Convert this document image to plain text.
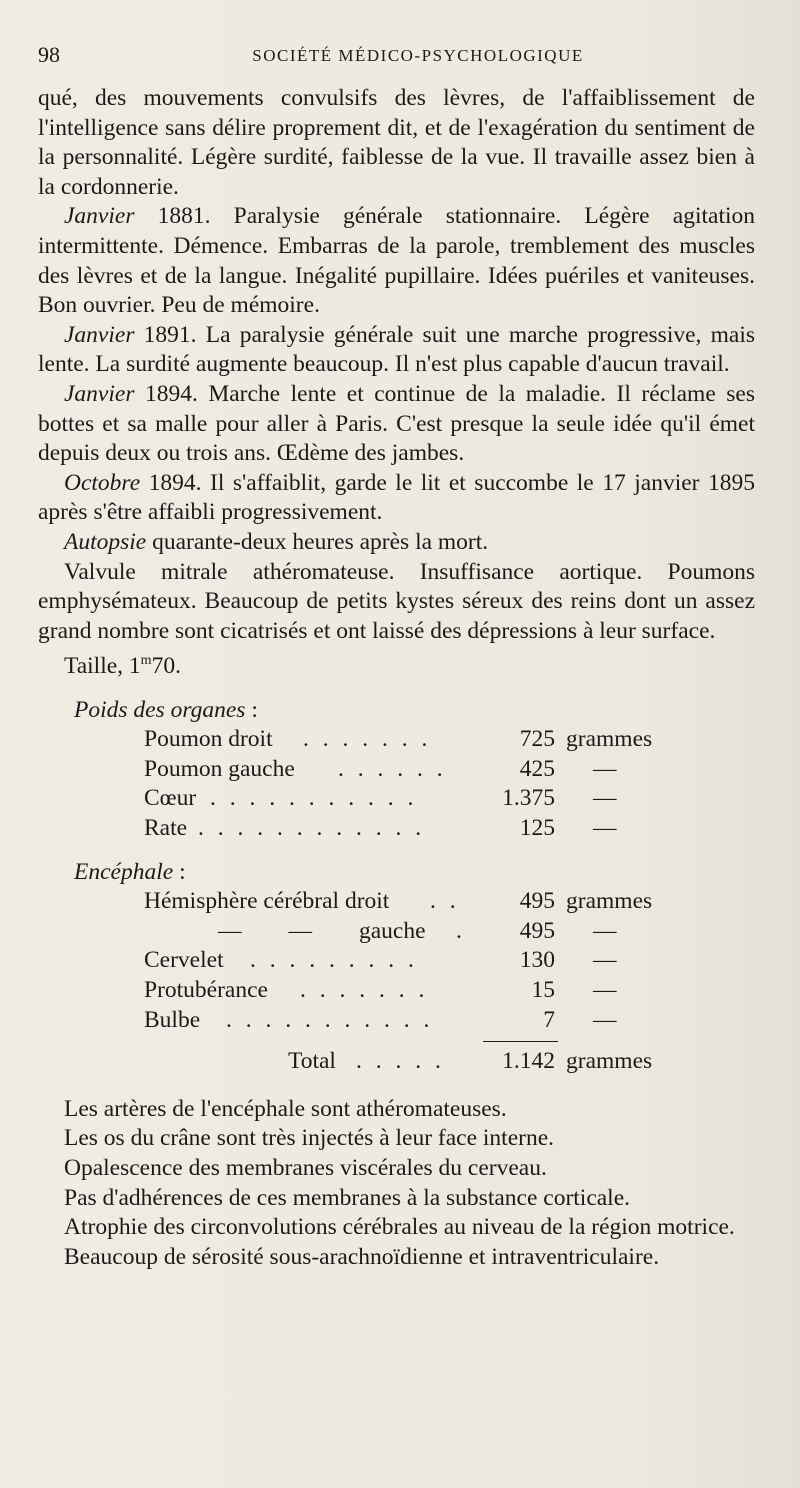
98	SOCIÉTÉ MÉDICO-PSYCHOLOGIQUE

qué, des mouvements convulsifs des lèvres, de l'affaiblissement de l'intelligence sans délire proprement dit, et de l'exagération du sentiment de la personnalité. Légère surdité, faiblesse de la vue. Il travaille assez bien à la cordonnerie.

Janvier 1881. Paralysie générale stationnaire. Légère agitation intermittente. Démence. Embarras de la parole, tremblement des muscles des lèvres et de la langue. Inégalité pupillaire. Idées puériles et vaniteuses. Bon ouvrier. Peu de mémoire.

Janvier 1891. La paralysie générale suit une marche progressive, mais lente. La surdité augmente beaucoup. Il n'est plus capable d'aucun travail.

Janvier 1894. Marche lente et continue de la maladie. Il réclame ses bottes et sa malle pour aller à Paris. C'est presque la seule idée qu'il émet depuis deux ou trois ans. Œdème des jambes.

Octobre 1894. Il s'affaiblit, garde le lit et succombe le 17 janvier 1895 après s'être affaibli progressivement.

Autopsie quarante-deux heures après la mort.

Valvule mitrale athéromateuse. Insuffisance aortique. Poumons emphysémateux. Beaucoup de petits kystes séreux des reins dont un assez grand nombre sont cicatrisés et ont laissé des dépressions à leur surface.

Taille, 1$^m$70.

Poids des organes :
Poumon droit . . . . . . .	725 grammes
Poumon gauche . . . . . .	425 —
Cœur . . . . . . . . . . .	1.375 —
Rate . . . . . . . . . . . .	125 —
Encéphale :
Hémisphère cérébral droit . .	495 grammes
—        —        gauche .	495 —
Cervelet . . . . . . . . .	130 —
Protubérance . . . . . . .	15 —
Bulbe . . . . . . . . . . .	7 —
Total . . . . .	1.142 grammes

Les artères de l'encéphale sont athéromateuses.

Les os du crâne sont très injectés à leur face interne.

Opalescence des membranes viscérales du cerveau.

Pas d'adhérences de ces membranes à la substance corticale.

Atrophie des circonvolutions cérébrales au niveau de la région motrice.

Beaucoup de sérosité sous-arachnoïdienne et intraventriculaire.
